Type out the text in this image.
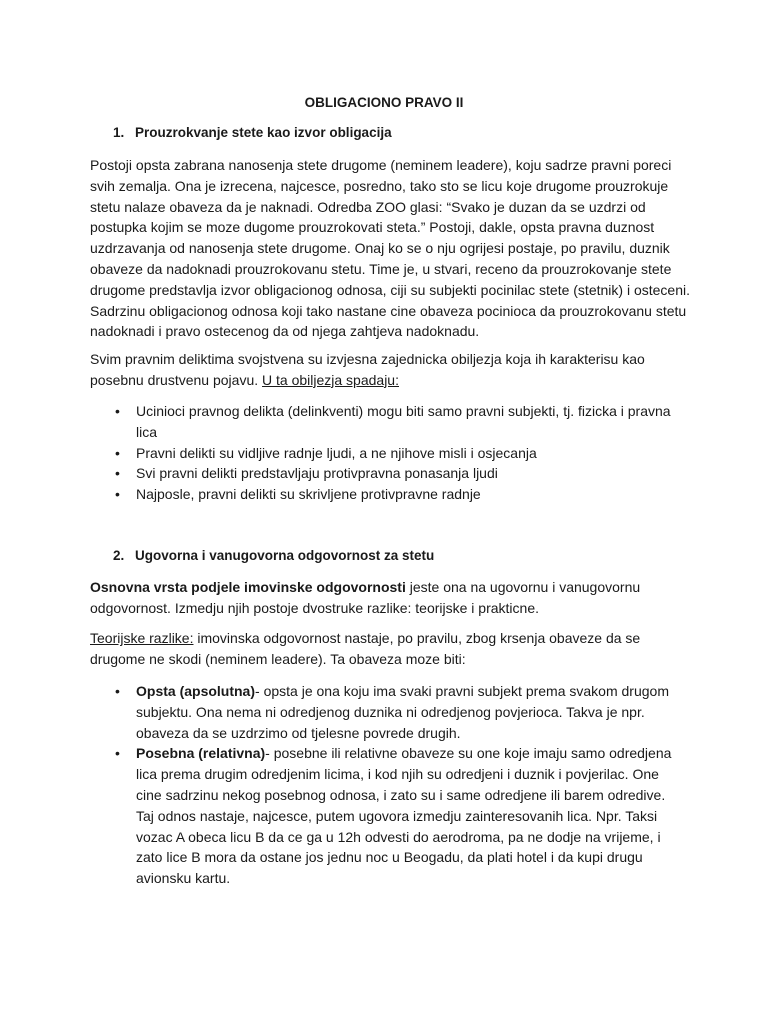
OBLIGACIONO PRAVO II
1. Prouzrokvanje stete kao izvor obligacija

Postoji opsta zabrana nanosenja stete drugome (neminem leadere), koju sadrze pravni poreci svih zemalja. Ona je izrecena, najcesce, posredno, tako sto se licu koje drugome prouzrokuje stetu nalaze obaveza da je naknadi. Odredba ZOO glasi: “Svako je duzan da se uzdrzi od postupka kojim se moze dugome prouzrokovati steta.” Postoji, dakle, opsta pravna duznost uzdrzavanja od nanosenja stete drugome. Onaj ko se o nju ogrijesi postaje, po pravilu, duznik obaveze da nadoknadi prouzrokovanu stetu. Time je, u stvari, receno da prouzrokovanje stete drugome predstavlja izvor obligacionog odnosa, ciji su subjekti pocinilac stete (stetnik) i osteceni. Sadrzinu obligacionog odnosa koji tako nastane cine obaveza pocinioca da prouzrokovanu stetu nadoknadi i pravo ostecenog da od njega zahtjeva nadoknadu.

Svim pravnim deliktima svojstvena su izvjesna zajednicka obiljezja koja ih karakterisu kao posebnu drustvenu pojavu. U ta obiljezja spadaju:

• Ucinioci pravnog delikta (delinkventi) mogu biti samo pravni subjekti, tj. fizicka i pravna lica
• Pravni delikti su vidljive radnje ljudi, a ne njihove misli i osjecanja
• Svi pravni delikti predstavljaju protivpravna ponasanja ljudi
• Najposle, pravni delikti su skrivljene protivpravne radnje
2. Ugovorna i vanugovorna odgovornost za stetu

Osnovna vrsta podjele imovinske odgovornosti jeste ona na ugovornu i vanugovornu odgovornost. Izmedju njih postoje dvostruke razlike: teorijske i prakticne.

Teorijske razlike: imovinska odgovornost nastaje, po pravilu, zbog krsenja obaveze da se drugome ne skodi (neminem leadere). Ta obaveza moze biti:

• Opsta (apsolutna)- opsta je ona koju ima svaki pravni subjekt prema svakom drugom subjektu. Ona nema ni odredjenog duznika ni odredjenog povjerioca. Takva je npr. obaveza da se uzdrzimo od tjelesne povrede drugih.
• Posebna (relativna)- posebne ili relativne obaveze su one koje imaju samo odredjena lica prema drugim odredjenim licima, i kod njih su odredjeni i duznik i povjerilac. One cine sadrzinu nekog posebnog odnosa, i zato su i same odredjene ili barem odredive. Taj odnos nastaje, najcesce, putem ugovora izmedju zainteresovanih lica. Npr. Taksi vozac A obeca licu B da ce ga u 12h odvesti do aerodroma, pa ne dodje na vrijeme, i zato lice B mora da ostane jos jednu noc u Beogadu, da plati hotel i da kupi drugu avionsku kartu.
